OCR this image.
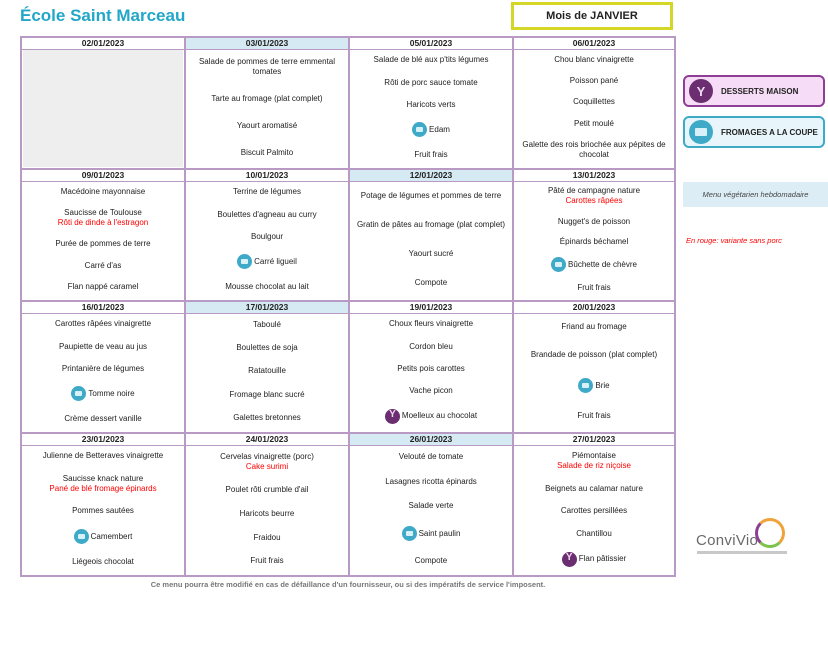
École Saint Marceau	Mois de JANVIER
02/01/2023	03/01/2023
Salade de pommes de terre emmental tomates
Tarte au fromage (plat complet)
Yaourt aromatisé
Biscuit Palmito
05/01/2023
Salade de blé aux p'tits légumes
Rôti de porc sauce tomate
Haricots verts
Edam
Fruit frais
06/01/2023
Chou blanc vinaigrette
Poisson pané
Coquillettes
Petit moulé
Galette des rois briochée aux pépites de chocolat
09/01/2023
Macédoine mayonnaise
Saucisse de Toulouse
Rôti de dinde à l'estragon
Purée de pommes de terre
Carré d'as
Flan nappé caramel
10/01/2023
Terrine de légumes
Boulettes d'agneau au curry
Boulgour
Carré ligueil
Mousse chocolat au lait
12/01/2023
Potage de légumes et pommes de terre
Gratin de pâtes au fromage (plat complet)
Yaourt sucré
Compote
13/01/2023
Pâté de campagne nature
Carottes râpées
Nugget's de poisson
Épinards béchamel
Bûchette de chèvre
Fruit frais
16/01/2023
Carottes râpées vinaigrette
Paupiette de veau au jus
Printanière de légumes
Tomme noire
Crème dessert vanille
17/01/2023
Taboulé
Boulettes de soja
Ratatouille
Fromage blanc sucré
Galettes bretonnes
19/01/2023
Choux fleurs vinaigrette
Cordon bleu
Petits pois carottes
Vache picon
Y
Moelleux au chocolat
20/01/2023
Friand au fromage
Brandade de poisson (plat complet)
Brie
Fruit frais
23/01/2023
Julienne de Betteraves vinaigrette
Saucisse knack nature
Pané de blé fromage épinards
Pommes sautées
Camembert
Liégeois chocolat
24/01/2023
Cervelas vinaigrette (porc)
Cake surimi
Poulet rôti crumble d'ail
Haricots beurre
Fraidou
Fruit frais
26/01/2023
Velouté de tomate
Lasagnes ricotta épinards
Salade verte
Saint paulin
Compote
27/01/2023
Piémontaise
Salade de riz niçoise
Beignets au calamar nature
Carottes persillées
Chantillou
Y
Flan pâtissier
Y
DESSERTS MAISON
FROMAGES A LA COUPE
Menu végétarien hebdomadaire
En rouge: variante sans porc
Ce menu pourra être modifié en cas de défaillance d'un fournisseur, ou si des impératifs de service l'imposent.
ConviVio
